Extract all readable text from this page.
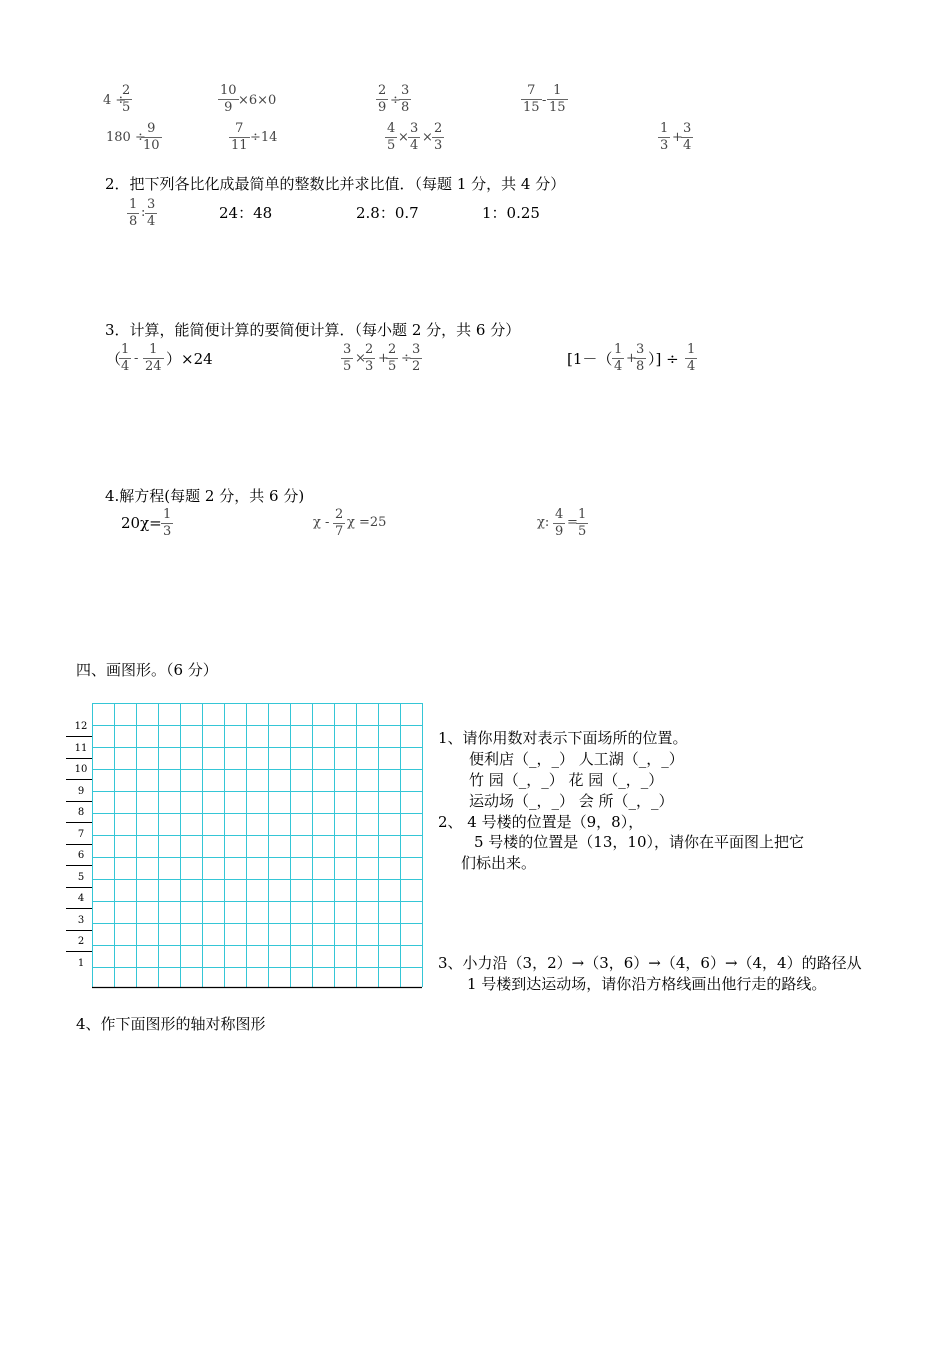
4 ÷
$\frac{2}{5}$	$\frac{10}{9} \times 6\times 0$	$\frac{2}{9}$ ÷
$\frac{3}{8}$	$\frac{7}{15} - \frac{1}{15}$
180 ÷
$\frac{9}{10}$	$\frac{7}{11} \div 14$	$\frac{4}{5} \times \frac{3}{4} \times \frac{2}{3}$	$\frac{1}{3}$ +
$\frac{3}{4}$
2．把下列各比化成最简单的整数比并求比值．（每题 1 分，共 4 分）
$\frac{1}{8}$ : $\frac{3}{4}$	24：48	2.8：0.7	1：0.25
3．计算，能简便计算的要简便计算．（每小题 2 分，共 6 分）
（
$\frac{1}{4} - \frac{1}{24} )\times 24$	$\frac{3}{5}$ ×
$\frac{2}{3}$ +
$\frac{2}{5}$ ÷
$\frac{3}{2}$	[$1-( \frac{1}{4}$ +
$\frac{3}{8}$ ）] ÷ $\frac{1}{4}$
4.解方程(每题 2 分，共 6 分)
$20\chi= \frac{1}{3}$	χ - $\frac{2}{7}$ χ =25	χ: $\frac{4}{9}$ =
$\frac{1}{5}$
四、画图形。（6 分）
12
11
10
9
8
7
6
5
4
3
2
1
1、请你用数对表示下面场所的位置。
便利店（_，_） 人工湖（_，_）
竹 园（_，_） 花 园（_，_）
运动场（_，_） 会 所（_，_）
2、 4 号楼的位置是（9，8），
5 号楼的位置是（13，10），请你在平面图上把它
们标出来。
3、小力沿（3，2）→（3，6）→（4，6）→（4，4）的路径从
1 号楼到达运动场，请你沿方格线画出他行走的路线。
4、作下面图形的轴对称图形
